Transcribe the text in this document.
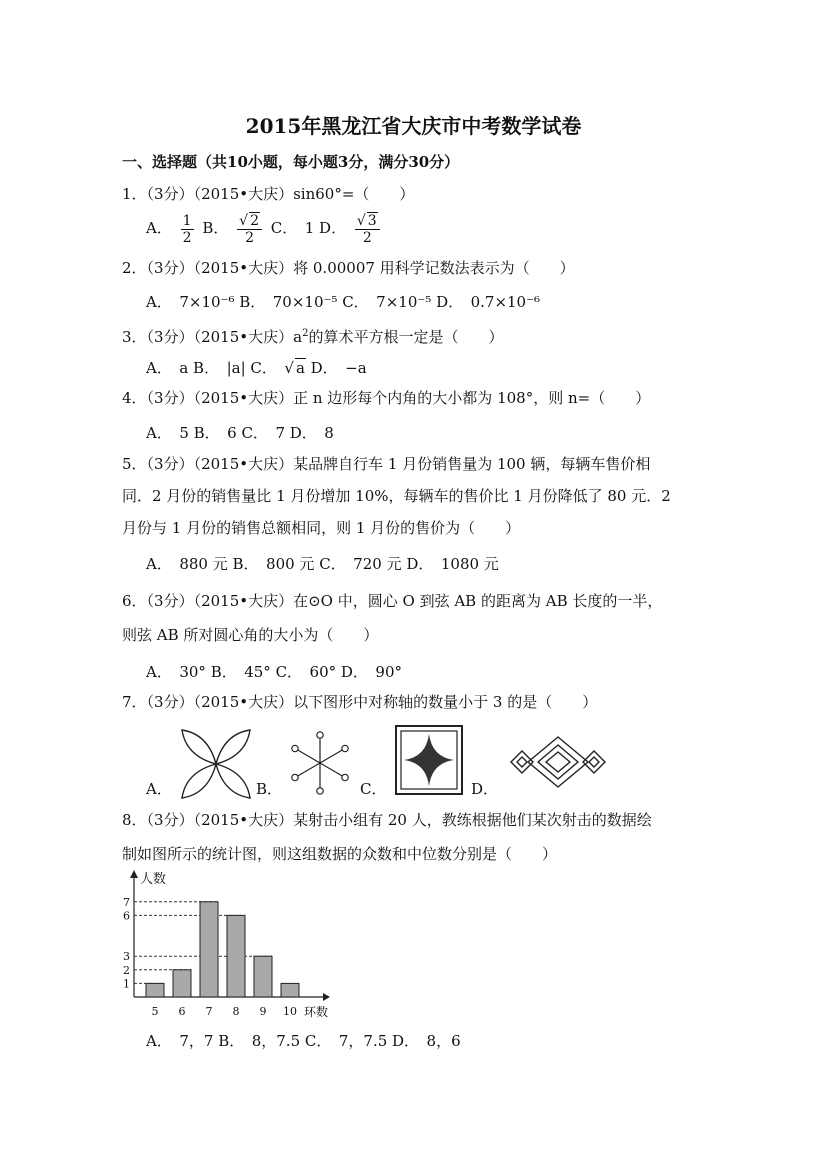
2015年黑龙江省大庆市中考数学试卷
一、选择题（共10小题，每小题3分，满分30分）
1．（3分）（2015•大庆）sin60°=（　　）
A． $\frac{1}{2}$ B． $\frac{√ 2}{2}$ C．　1 D． $\frac{√ 3}{2}$
2．（3分）（2015•大庆）将 0.00007 用科学记数法表示为（　　）
A．　7×10⁻⁶ B．　70×10⁻⁵ C．　7×10⁻⁵ D．　0.7×10⁻⁶
3．（3分）（2015•大庆）$a^2$的算术平方根一定是（　　）
A．　a B．　|a| C．　√ a D．　−a
4．（3分）（2015•大庆）正 n 边形每个内角的大小都为 108°，则 n=（　　）
A．　5 B．　6 C．　7 D．　8
5．（3分）（2015•大庆）某品牌自行车 1 月份销售量为 100 辆，每辆车售价相
同．2 月份的销售量比 1 月份增加 10%，每辆车的售价比 1 月份降低了 80 元．2
月份与 1 月份的销售总额相同，则 1 月份的售价为（　　）
A．　880 元 B．　800 元 C．　720 元 D．　1080 元
6．（3分）（2015•大庆）在⊙O 中，圆心 O 到弦 AB 的距离为 AB 长度的一半，
则弦 AB 所对圆心角的大小为（　　）
A．　30° B．　45° C．　60° D．　90°
7．（3分）（2015•大庆）以下图形中对称轴的数量小于 3 的是（　　）
A．	B．	C．	D．
8．（3分）（2015•大庆）某射击小组有 20 人，教练根据他们某次射击的数据绘
制如图所示的统计图，则这组数据的众数和中位数分别是（　　）
1
2
3
6
7
5 6 7 8 9 10 环数
人数
A．　7，7 B．　8，7.5 C．　7，7.5 D．　8，6
